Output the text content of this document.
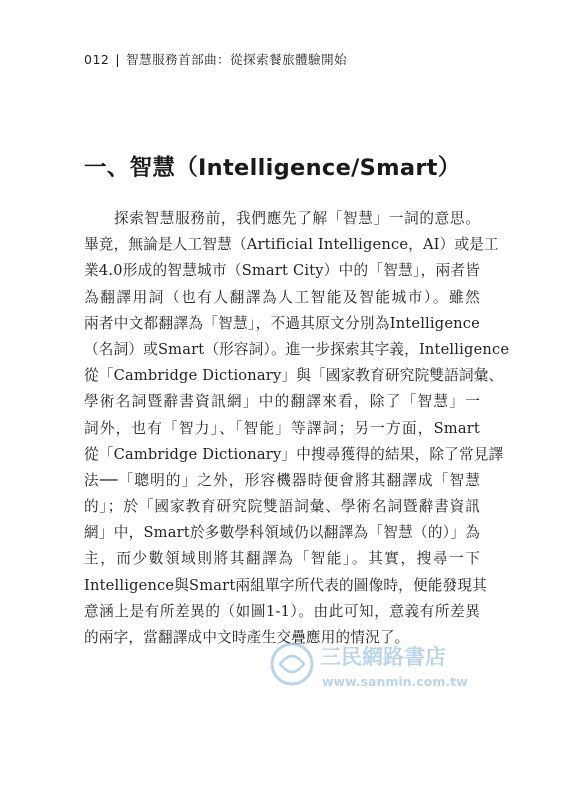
012 | 智慧服務首部曲：從探索餐旅體驗開始
一、智慧（Intelligence/Smart）
探索智慧服務前，我們應先了解「智慧」一詞的意思。
畢竟，無論是人工智慧（Artificial Intelligence，AI）或是工
業4.0形成的智慧城市（Smart City）中的「智慧」，兩者皆
為翻譯用詞（也有人翻譯為人工智能及智能城市）。雖然
兩者中文都翻譯為「智慧」，不過其原文分別為Intelligence
（名詞）或Smart（形容詞）。進一步探索其字義，Intelligence
從「Cambridge Dictionary」與「國家教育研究院雙語詞彙、
學術名詞暨辭書資訊網」中的翻譯來看，除了「智慧」一
詞外，也有「智力」、「智能」等譯詞；另一方面，Smart
從「Cambridge Dictionary」中搜尋獲得的結果，除了常見譯
法──「聰明的」之外，形容機器時便會將其翻譯成「智慧
的」；於「國家教育研究院雙語詞彙、學術名詞暨辭書資訊
網」中，Smart於多數學科領域仍以翻譯為「智慧（的）」為
主，而少數領域則將其翻譯為「智能」。其實，搜尋一下
Intelligence與Smart兩組單字所代表的圖像時，便能發現其
意涵上是有所差異的（如圖1-1）。由此可知，意義有所差異
的兩字，當翻譯成中文時產生交疊應用的情況了。
三民網路書店
www.sanmin.com.tw
